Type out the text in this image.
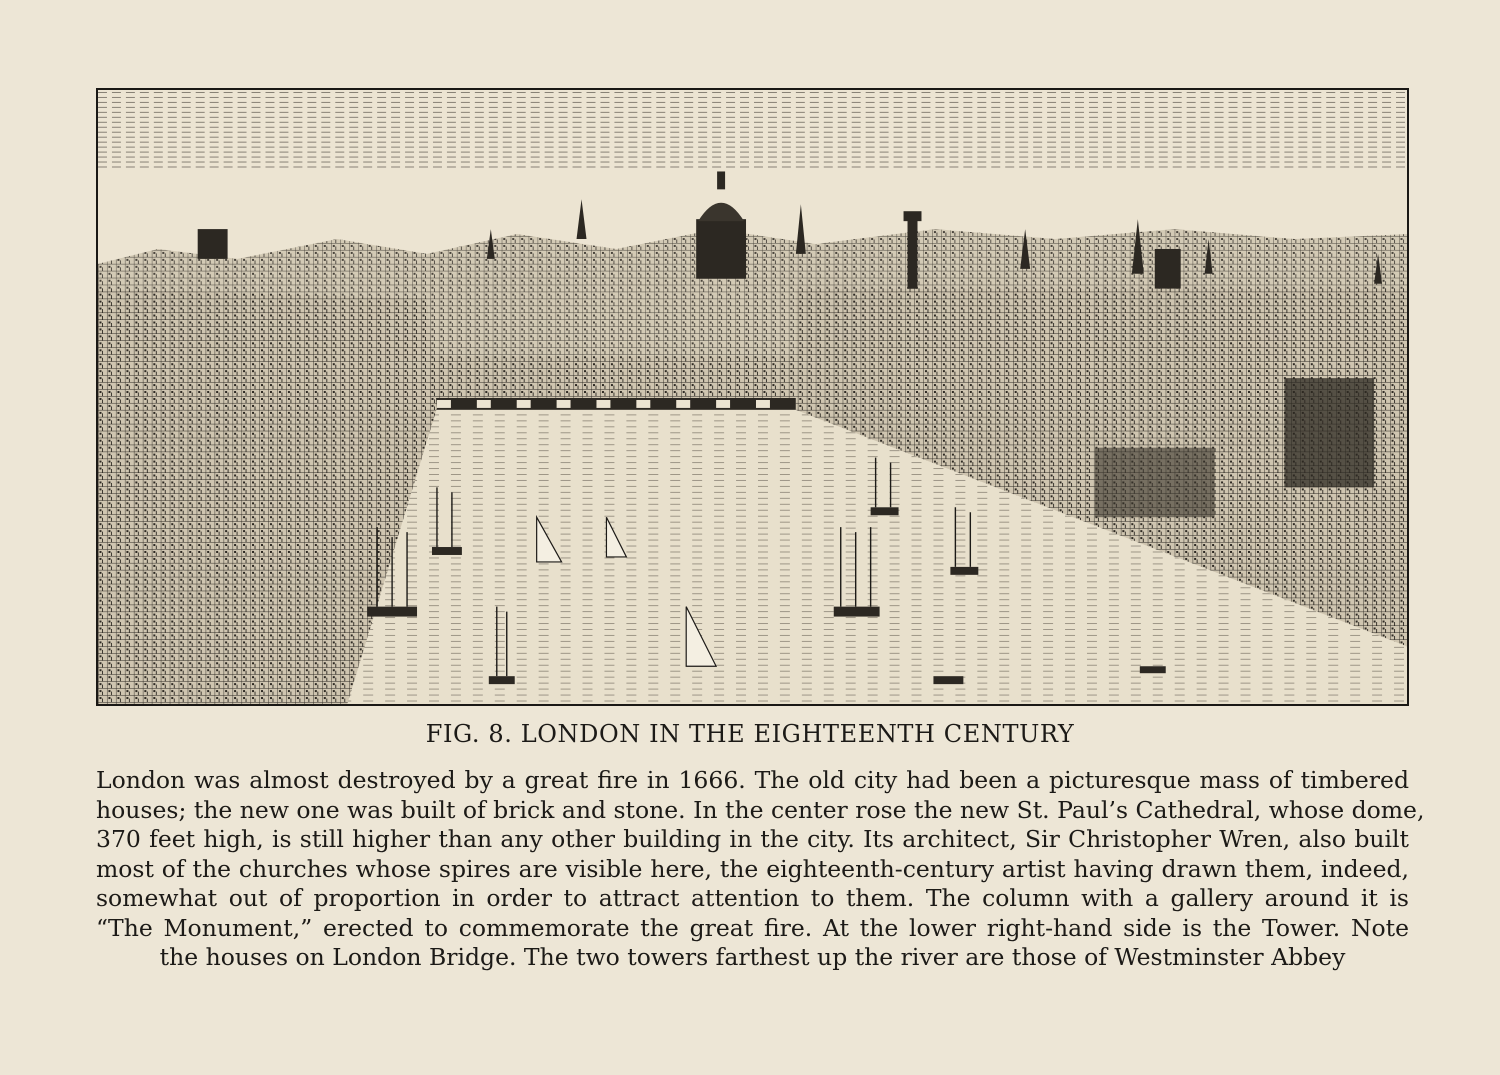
FIG. 8. LONDON IN THE EIGHTEENTH CENTURY
London was almost destroyed by a great fire in 1666. The old city had been a picturesque mass of timbered
houses; the new one was built of brick and stone. In the center rose the new St. Paul’s Cathedral, whose dome,
370 feet high, is still higher than any other building in the city. Its architect, Sir Christopher Wren, also built
most of the churches whose spires are visible here, the eighteenth-century artist having drawn them, indeed,
somewhat out of proportion in order to attract attention to them. The column with a gallery around it is
“The Monument,” erected to commemorate the great fire. At the lower right-hand side is the Tower. Note
the houses on London Bridge. The two towers farthest up the river are those of Westminster Abbey
